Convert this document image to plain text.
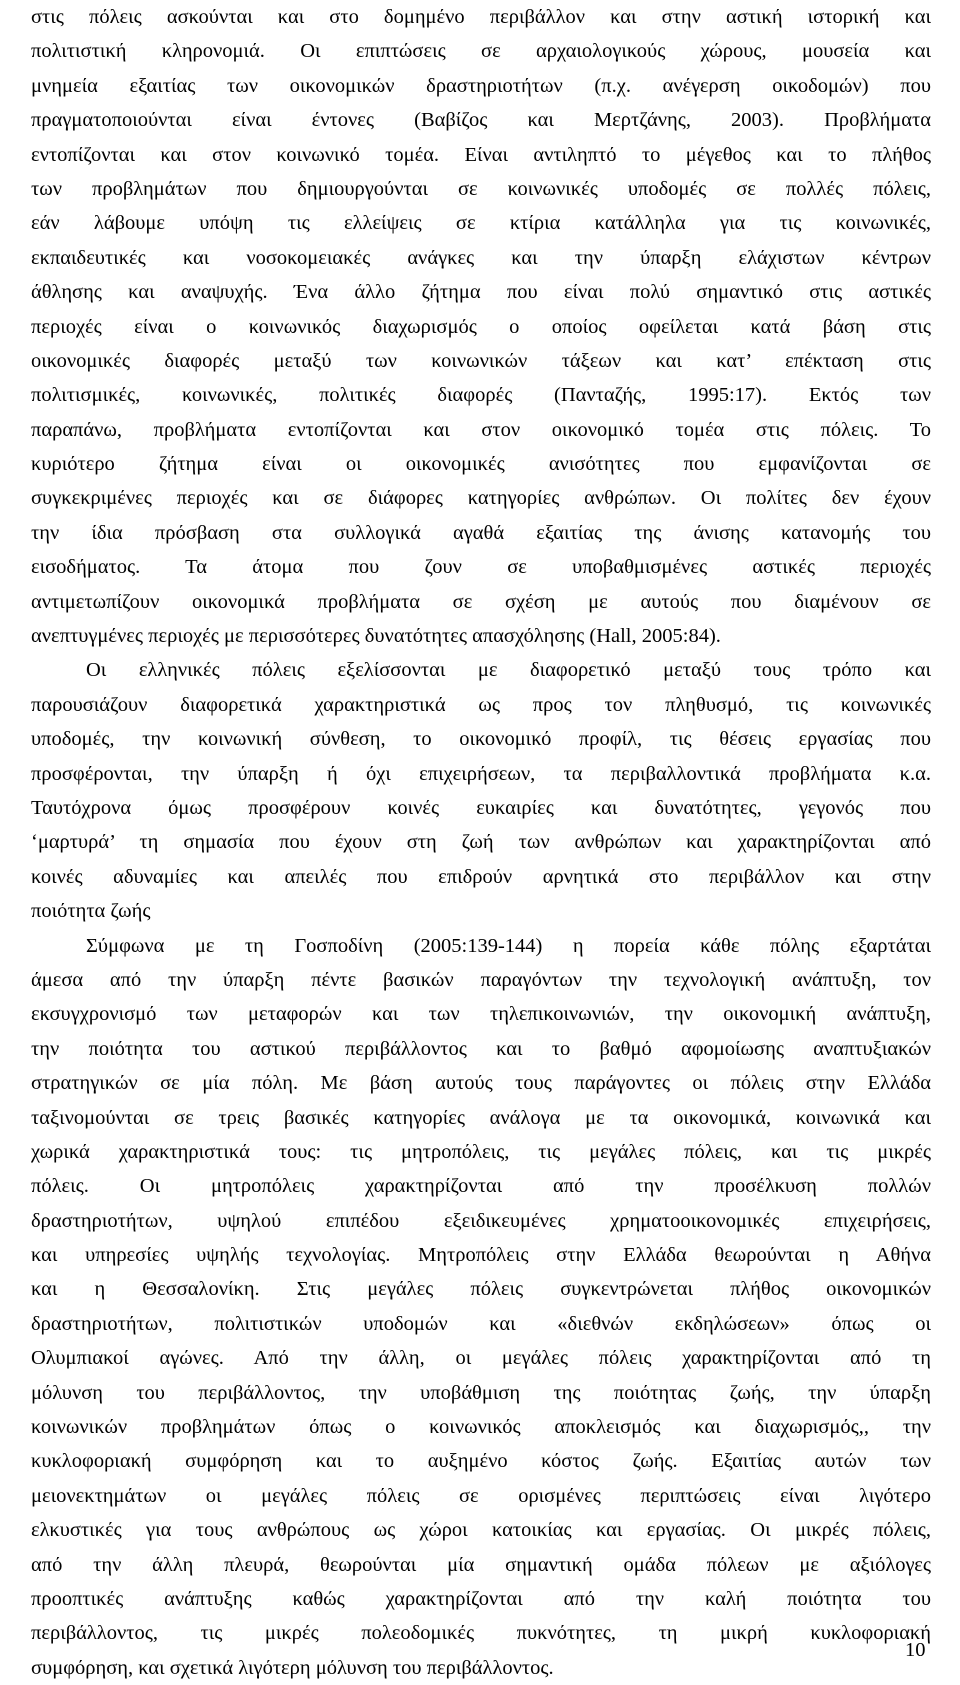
στις πόλεις ασκούνται και στο δομημένο περιβάλλον και στην αστική ιστορική και
πολιτιστική κληρονομιά. Οι επιπτώσεις σε αρχαιολογικούς χώρους, μουσεία και
μνημεία εξαιτίας των οικονομικών δραστηριοτήτων (π.χ. ανέγερση οικοδομών) που
πραγματοποιούνται είναι έντονες (Βαβίζος και Μερτζάνης, 2003). Προβλήματα
εντοπίζονται και στον κοινωνικό τομέα. Είναι αντιληπτό το μέγεθος και το πλήθος
των προβλημάτων που δημιουργούνται σε κοινωνικές υποδομές σε πολλές πόλεις,
εάν λάβουμε υπόψη τις ελλείψεις σε κτίρια κατάλληλα για τις κοινωνικές,
εκπαιδευτικές και νοσοκομειακές ανάγκες και την ύπαρξη ελάχιστων κέντρων
άθλησης και αναψυχής. Ένα άλλο ζήτημα που είναι πολύ σημαντικό στις αστικές
περιοχές είναι ο κοινωνικός διαχωρισμός ο οποίος οφείλεται κατά βάση στις
οικονομικές διαφορές μεταξύ των κοινωνικών τάξεων και κατ’ επέκταση στις
πολιτισμικές, κοινωνικές, πολιτικές διαφορές (Πανταζής, 1995:17). Εκτός των
παραπάνω, προβλήματα εντοπίζονται και στον οικονομικό τομέα στις πόλεις. Το
κυριότερο ζήτημα είναι οι οικονομικές ανισότητες που εμφανίζονται σε
συγκεκριμένες περιοχές και σε διάφορες κατηγορίες ανθρώπων. Οι πολίτες δεν έχουν
την ίδια πρόσβαση στα συλλογικά αγαθά εξαιτίας της άνισης κατανομής του
εισοδήματος. Τα άτομα που ζουν σε υποβαθμισμένες αστικές περιοχές
αντιμετωπίζουν οικονομικά προβλήματα σε σχέση με αυτούς που διαμένουν σε
ανεπτυγμένες περιοχές με περισσότερες δυνατότητες απασχόλησης (Hall, 2005:84).
Οι ελληνικές πόλεις εξελίσσονται με διαφορετικό μεταξύ τους τρόπο και
παρουσιάζουν διαφορετικά χαρακτηριστικά ως προς τον πληθυσμό, τις κοινωνικές
υποδομές, την κοινωνική σύνθεση, το οικονομικό προφίλ, τις θέσεις εργασίας που
προσφέρονται, την ύπαρξη ή όχι επιχειρήσεων, τα περιβαλλοντικά προβλήματα κ.α.
Ταυτόχρονα όμως προσφέρουν κοινές ευκαιρίες και δυνατότητες, γεγονός που
‘μαρτυρά’ τη σημασία που έχουν στη ζωή των ανθρώπων και χαρακτηρίζονται από
κοινές αδυναμίες και απειλές που επιδρούν αρνητικά στο περιβάλλον και στην
ποιότητα ζωής
Σύμφωνα με τη Γοσποδίνη (2005:139-144) η πορεία κάθε πόλης εξαρτάται
άμεσα από την ύπαρξη πέντε βασικών παραγόντων την τεχνολογική ανάπτυξη, τον
εκσυγχρονισμό των μεταφορών και των τηλεπικοινωνιών, την οικονομική ανάπτυξη,
την ποιότητα του αστικού περιβάλλοντος και το βαθμό αφομοίωσης αναπτυξιακών
στρατηγικών σε μία πόλη. Με βάση αυτούς τους παράγοντες οι πόλεις στην Ελλάδα
ταξινομούνται σε τρεις βασικές κατηγορίες ανάλογα με τα οικονομικά, κοινωνικά και
χωρικά χαρακτηριστικά τους: τις μητροπόλεις, τις μεγάλες πόλεις, και τις μικρές
πόλεις. Οι μητροπόλεις χαρακτηρίζονται από την προσέλκυση πολλών
δραστηριοτήτων, υψηλού επιπέδου εξειδικευμένες χρηματοοικονομικές επιχειρήσεις,
και υπηρεσίες υψηλής τεχνολογίας. Μητροπόλεις στην Ελλάδα θεωρούνται η Αθήνα
και η Θεσσαλονίκη. Στις μεγάλες πόλεις συγκεντρώνεται πλήθος οικονομικών
δραστηριοτήτων, πολιτιστικών υποδομών και «διεθνών εκδηλώσεων» όπως οι
Ολυμπιακοί αγώνες. Από την άλλη, οι μεγάλες πόλεις χαρακτηρίζονται από τη
μόλυνση του περιβάλλοντος, την υποβάθμιση της ποιότητας ζωής, την ύπαρξη
κοινωνικών προβλημάτων όπως ο κοινωνικός αποκλεισμός και διαχωρισμός,, την
κυκλοφοριακή συμφόρηση και το αυξημένο κόστος ζωής. Εξαιτίας αυτών των
μειονεκτημάτων οι μεγάλες πόλεις σε ορισμένες περιπτώσεις είναι λιγότερο
ελκυστικές για τους ανθρώπους ως χώροι κατοικίας και εργασίας. Οι μικρές πόλεις,
από την άλλη πλευρά, θεωρούνται μία σημαντική ομάδα πόλεων με αξιόλογες
προοπτικές ανάπτυξης καθώς χαρακτηρίζονται από την καλή ποιότητα του
περιβάλλοντος, τις μικρές πολεοδομικές πυκνότητες, τη μικρή κυκλοφοριακή
συμφόρηση, και σχετικά λιγότερη μόλυνση του περιβάλλοντος.
10
